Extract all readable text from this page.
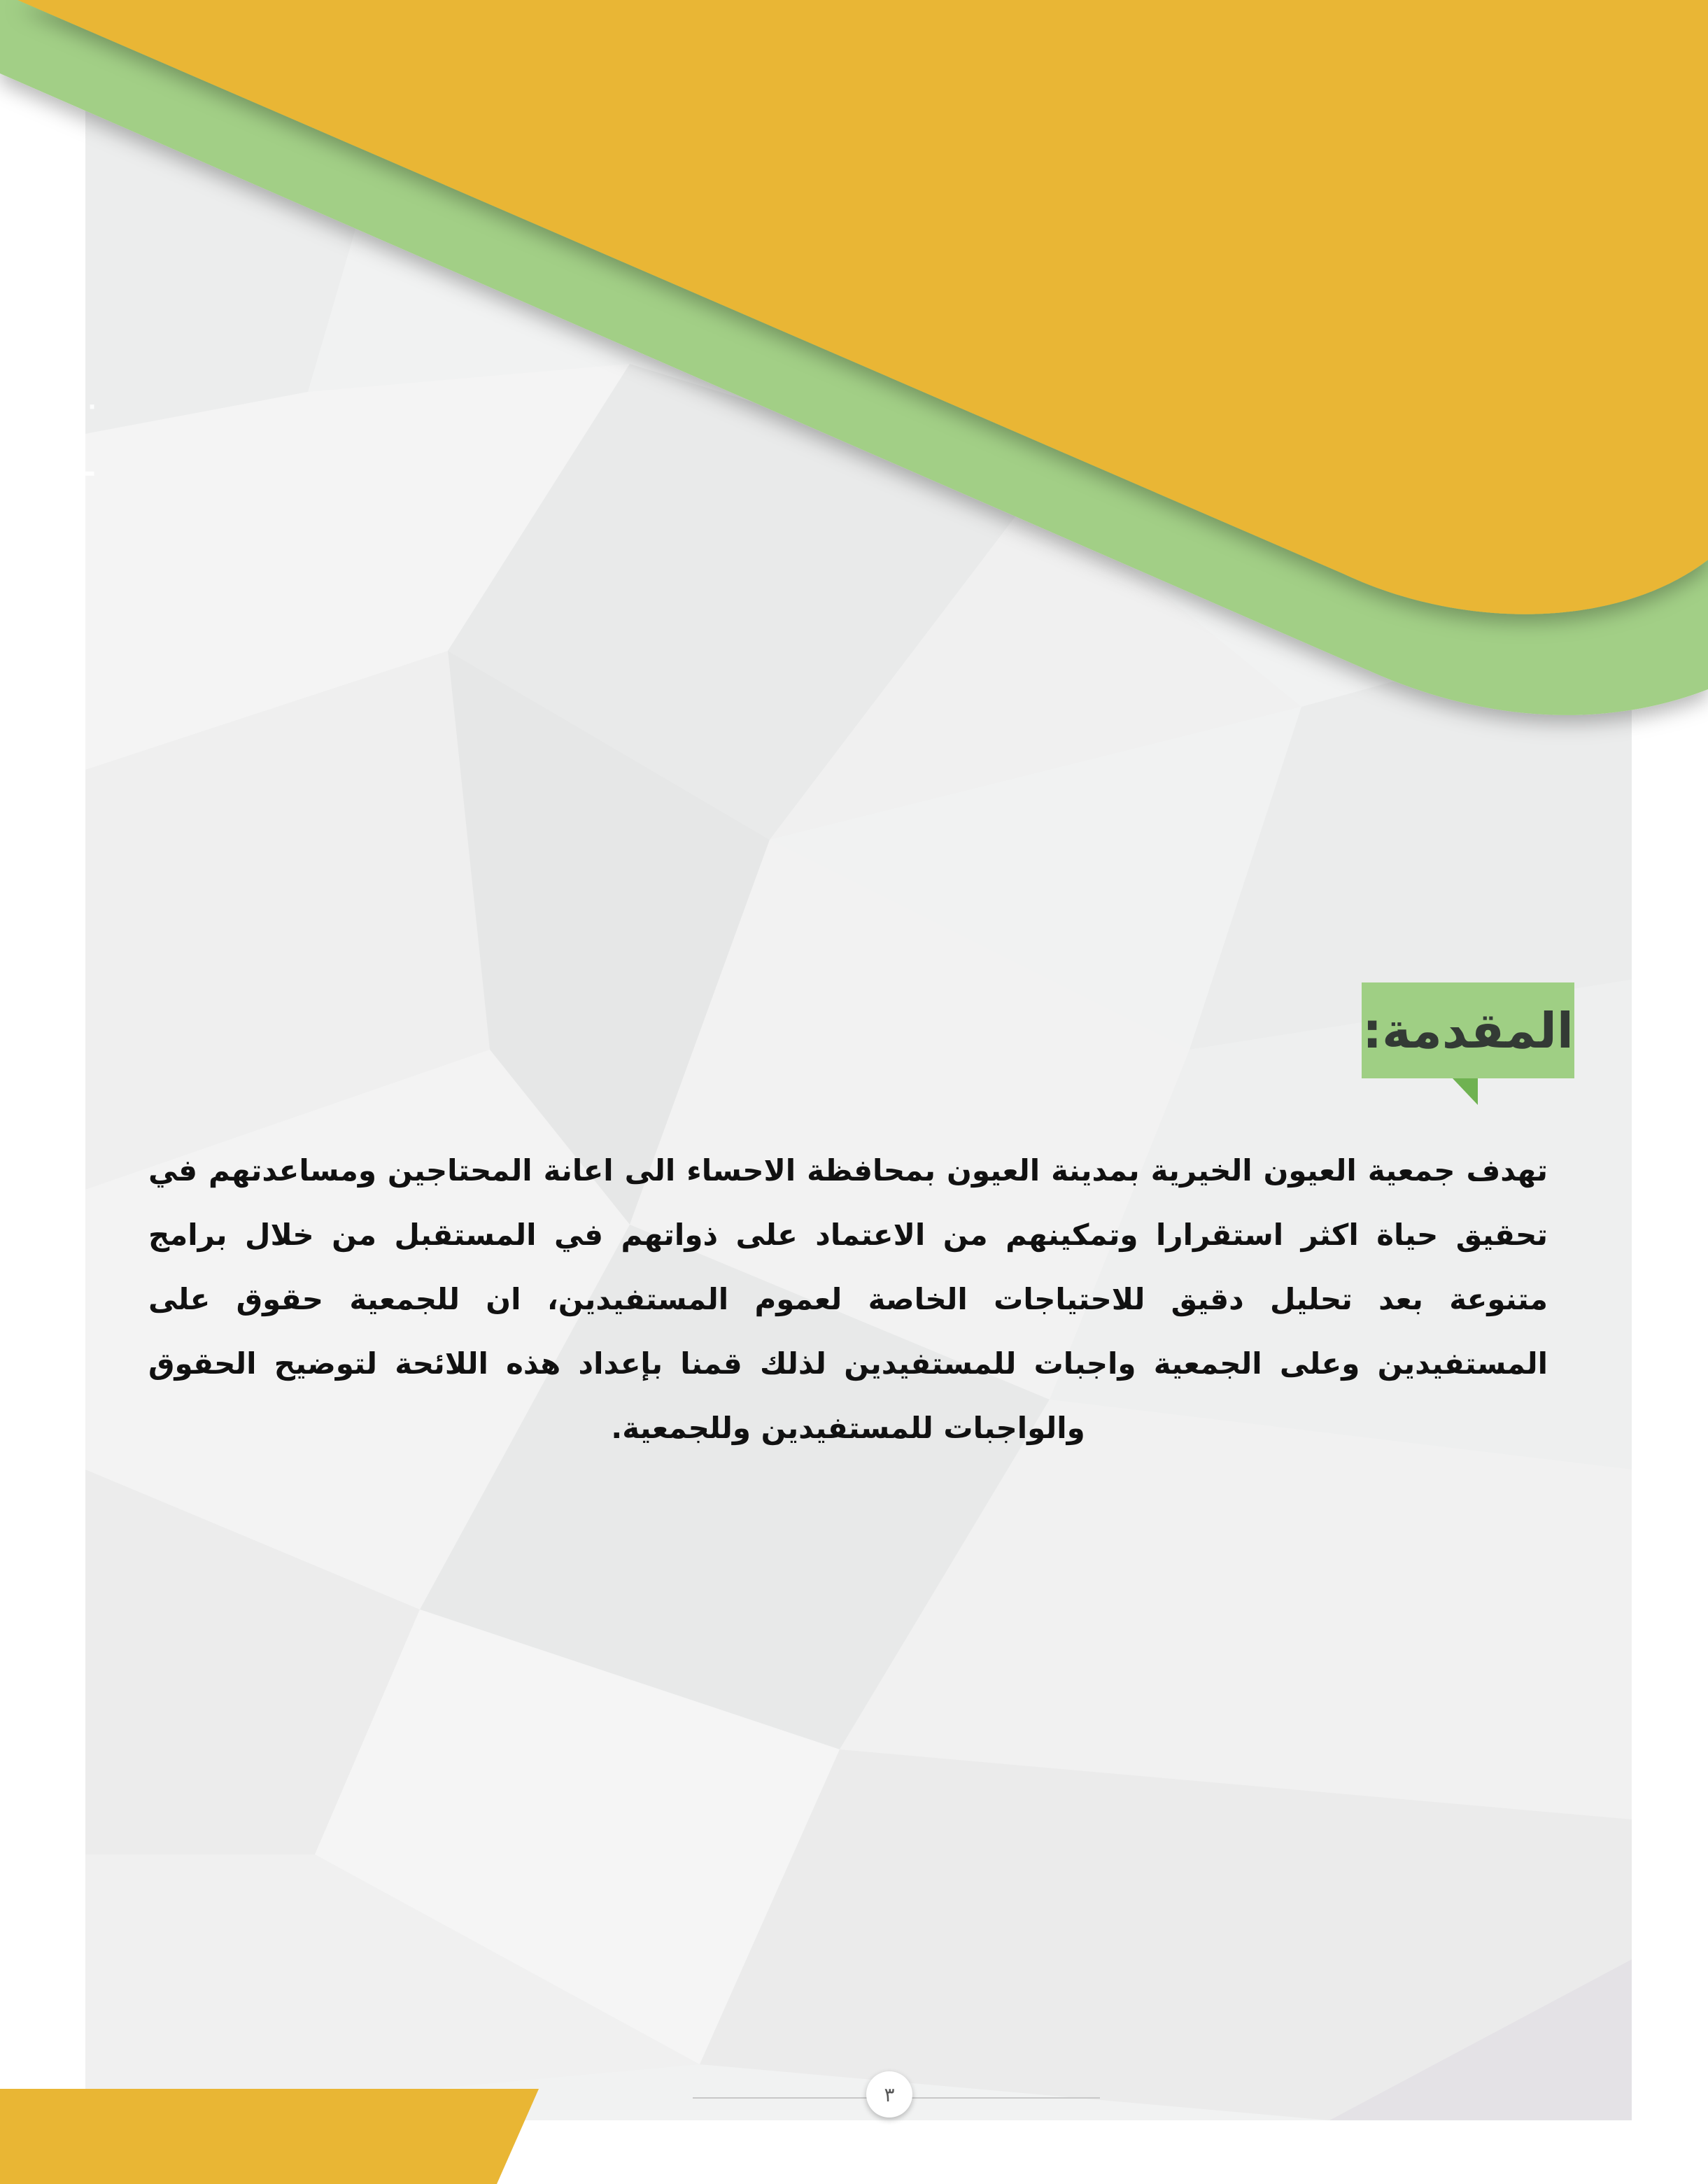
wpixel
المقدمة:

تهدف جمعية العيون الخيرية بمدينة العيون بمحافظة الاحساء الى اعانة المحتاجين ومساعدتهم في تحقيق حياة اكثر استقرارا وتمكينهم من الاعتماد على ذواتهم في المستقبل من خلال برامج متنوعة بعد تحليل دقيق للاحتياجات الخاصة لعموم المستفيدين، ان للجمعية حقوق على المستفيدين وعلى الجمعية واجبات للمستفيدين لذلك قمنا بإعداد هذه اللائحة لتوضيح الحقوق والواجبات للمستفيدين وللجمعية.

٣
